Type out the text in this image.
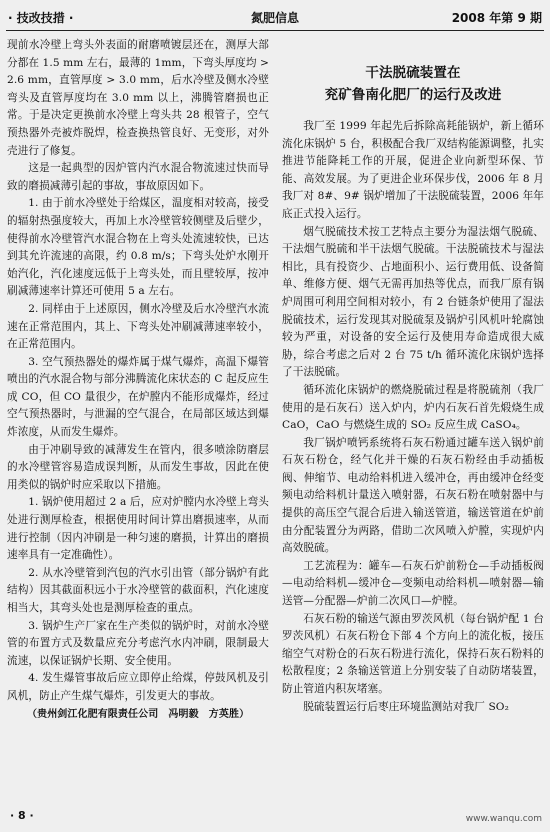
· 技改技措 ·	氮肥信息	2008 年第 9 期

现前水冷壁上弯头外表面的耐磨喷镀层还在，测厚大部分都在 1.5 mm 左右，最薄的 1mm，下弯头厚度均 > 2.6 mm，直管厚度 > 3.0 mm，后水冷壁及侧水冷壁弯头及直管厚度均在 3.0 mm 以上，沸腾管磨损也正常。于是决定更换前水冷壁上弯头共 28 根管子，空气预热器外壳被炸脱焊，检查换热管良好、无变形，对外壳进行了修复。

这是一起典型的因炉管内汽水混合物流速过快而导致的磨损减薄引起的事故，事故原因如下。

1. 由于前水冷壁处于给煤区，温度相对较高，接受的辐射热强度较大，再加上水冷壁管较侧壁及后壁少，使得前水冷壁管汽水混合物在上弯头处流速较快，已达到其允许流速的高限，约 0.8 m/s；下弯头处炉水刚开始汽化，汽化速度远低于上弯头处，而且壁较厚，按冲刷减薄速率计算还可使用 5 a 左右。

2. 同样由于上述原因，侧水冷壁及后水冷壁汽水流速在正常范围内，其上、下弯头处冲刷减薄速率较小，在正常范围内。

3. 空气预热器处的爆炸属于煤气爆炸，高温下爆管喷出的汽水混合物与部分沸腾流化床状态的 C 起反应生成 CO，但 CO 量很少，在炉膛内不能形成爆炸，经过空气预热器时，与泄漏的空气混合，在局部区域达到爆炸浓度，从而发生爆炸。

由于冲刷导致的减薄发生在管内，很多喷涂防磨层的水冷壁管容易造成误判断，从而发生事故，因此在使用类似的锅炉时应采取以下措施。

1. 锅炉使用超过 2 a 后，应对炉膛内水冷壁上弯头处进行测厚检查，根据使用时间计算出磨损速率，从而进行控制（因内冲刷是一种匀速的磨损，计算出的磨损速率具有一定准确性）。

2. 从水冷壁管到汽包的汽水引出管（部分锅炉有此结构）因其截面积远小于水冷壁管的截面积，汽化速度相当大，其弯头处也是测厚检查的重点。

3. 锅炉生产厂家在生产类似的锅炉时，对前水冷壁管的布置方式及数量应充分考虑汽水内冲刷，限制最大流速，以保证锅炉长期、安全使用。

4. 发生爆管事故后应立即停止给煤，停鼓风机及引风机，防止产生煤气爆炸，引发更大的事故。

（贵州剑江化肥有限责任公司　冯明毅　方英胜）

干法脱硫装置在
兖矿鲁南化肥厂的运行及改进

我厂至 1999 年起先后拆除高耗能锅炉，新上循环流化床锅炉 5 台，积极配合我厂双结构能源调整，扎实推进节能降耗工作的开展，促进企业向新型环保、节能、高效发展。为了更进企业环保步伐，2006 年 8 月我厂对 8#、9# 锅炉增加了干法脱硫装置，2006 年年底正式投入运行。

烟气脱硫技术按工艺特点主要分为湿法烟气脱硫、干法烟气脱硫和半干法烟气脱硫。干法脱硫技术与湿法相比，具有投资少、占地面积小、运行费用低、设备简单、维修方便、烟气无需再加热等优点，而我厂原有锅炉周围可利用空间相对较小，有 2 台链条炉使用了湿法脱硫技术，运行发现其对脱硫泵及锅炉引风机叶轮腐蚀较为严重，对设备的安全运行及使用寿命造成很大威胁，综合考虑之后对 2 台 75 t/h 循环流化床锅炉选择了干法脱硫。

循环流化床锅炉的燃烧脱硫过程是将脱硫剂（我厂使用的是石灰石）送入炉内，炉内石灰石首先煅烧生成 CaO，CaO 与燃烧生成的 SO₂ 反应生成 CaSO₄。

我厂锅炉喷钙系统将石灰石粉通过罐车送入锅炉前石灰石粉仓，经气化并干燥的石灰石粉经由手动插板阀、伸缩节、电动给料机进入缓冲仓，再由缓冲仓经变频电动给料机计量送入喷射器，石灰石粉在喷射器中与提供的高压空气混合后进入输送管道，输送管道在炉前由分配装置分为两路，借助二次风喷入炉膛，实现炉内高效脱硫。

工艺流程为：罐车—石灰石炉前粉仓—手动插板阀—电动给料机—缓冲仓—变频电动给料机—喷射器—输送管—分配器—炉前二次风口—炉膛。

石灰石粉的输送气源由罗茨风机（每台锅炉配 1 台罗茨风机）石灰石粉仓下部 4 个方向上的流化板，接压缩空气对粉仓的石灰石粉进行流化，保持石灰石粉料的松散程度；2 条输送管道上分别安装了自动防堵装置，防止管道内积灰堵塞。

脱硫装置运行后枣庄环境监测站对我厂 SO₂

· 8 ·	www.wanqu.com
